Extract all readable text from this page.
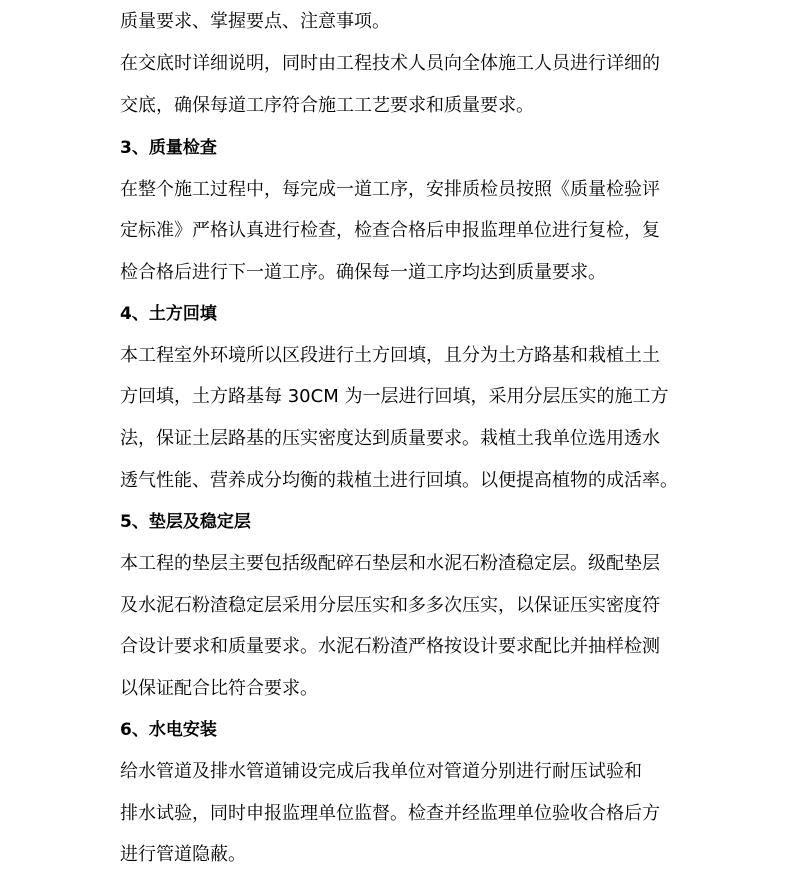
质量要求、掌握要点、注意事项。
在交底时详细说明，同时由工程技术人员向全体施工人员进行详细的
交底，确保每道工序符合施工工艺要求和质量要求。
3、质量检查
在整个施工过程中，每完成一道工序，安排质检员按照《质量检验评
定标准》严格认真进行检查，检查合格后申报监理单位进行复检，复
检合格后进行下一道工序。确保每一道工序均达到质量要求。
4、土方回填
本工程室外环境所以区段进行土方回填，且分为土方路基和栽植土土
方回填，土方路基每 30CM 为一层进行回填，采用分层压实的施工方
法，保证土层路基的压实密度达到质量要求。栽植土我单位选用透水
透气性能、营养成分均衡的栽植土进行回填。以便提高植物的成活率。
5、垫层及稳定层
本工程的垫层主要包括级配碎石垫层和水泥石粉渣稳定层。级配垫层
及水泥石粉渣稳定层采用分层压实和多多次压实，以保证压实密度符
合设计要求和质量要求。水泥石粉渣严格按设计要求配比并抽样检测
以保证配合比符合要求。
6、水电安装
给水管道及排水管道铺设完成后我单位对管道分别进行耐压试验和
排水试验，同时申报监理单位监督。检查并经监理单位验收合格后方
进行管道隐蔽。
